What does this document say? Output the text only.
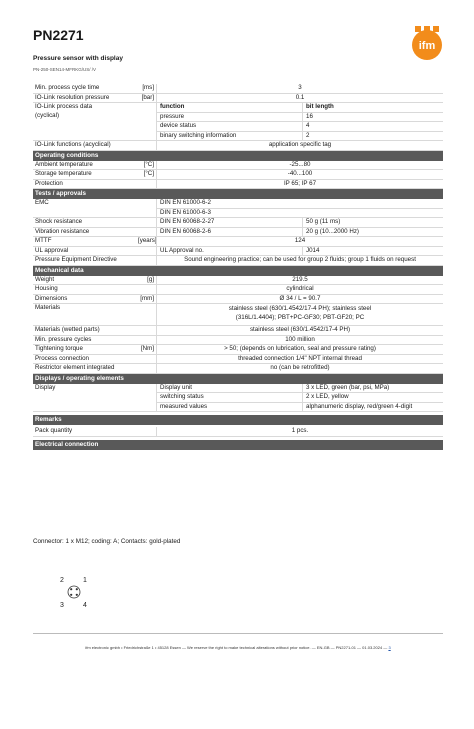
PN2271
Pressure sensor with display
PN-250-SEN14-MFRKG/US/ /V
ifm
Min. process cycle time	[ms]	3
IO-Link resolution pressure	[bar]	0.1
IO-Link process data
(cyclical)
function	bit length
pressure	16
device status	4
binary switching information	2
IO-Link functions (acyclical)	application specific tag
Operating conditions
Ambient temperature	[°C]	-25...80
Storage temperature	[°C]	-40...100
Protection	IP 65; IP 67
Tests / approvals
EMC	DIN EN 61000-6-2
DIN EN 61000-6-3
Shock resistance	DIN EN 60068-2-27	50 g (11 ms)
Vibration resistance	DIN EN 60068-2-6	20 g (10...2000 Hz)
MTTF	[years]	124
UL approval	UL Approval no.	J014
Pressure Equipment Directive	Sound engineering practice; can be used for group 2 fluids; group 1 fluids on request
Mechanical data
Weight	[g]	219.5
Housing	cylindrical
Dimensions	[mm]	Ø 34 / L = 90.7
Materials	stainless steel (630/1.4542/17-4 PH); stainless steel
(316L/1.4404); PBT+PC-GF30; PBT-GF20; PC
Materials (wetted parts)	stainless steel (630/1.4542/17-4 PH)
Min. pressure cycles	100 million
Tightening torque	[Nm]	> 50; (depends on lubrication, seal and pressure rating)
Process connection	threaded connection 1/4" NPT internal thread
Restrictor element integrated	no (can be retrofitted)
Displays / operating elements
Display	Display unit	3 x LED, green (bar, psi, MPa)
switching status	2 x LED, yellow
measured values	alphanumeric display, red/green 4-digit
Remarks
Pack quantity	1 pcs.
Electrical connection
Connector: 1 x M12; coding: A; Contacts: gold-plated
2	1
3	4
ifm electronic gmbh • Friedrichstraße 1 • 45128 Essen — We reserve the right to make technical alterations without prior notice. — EN-GB — PN2271-01 — 01.03.2024 — 3
